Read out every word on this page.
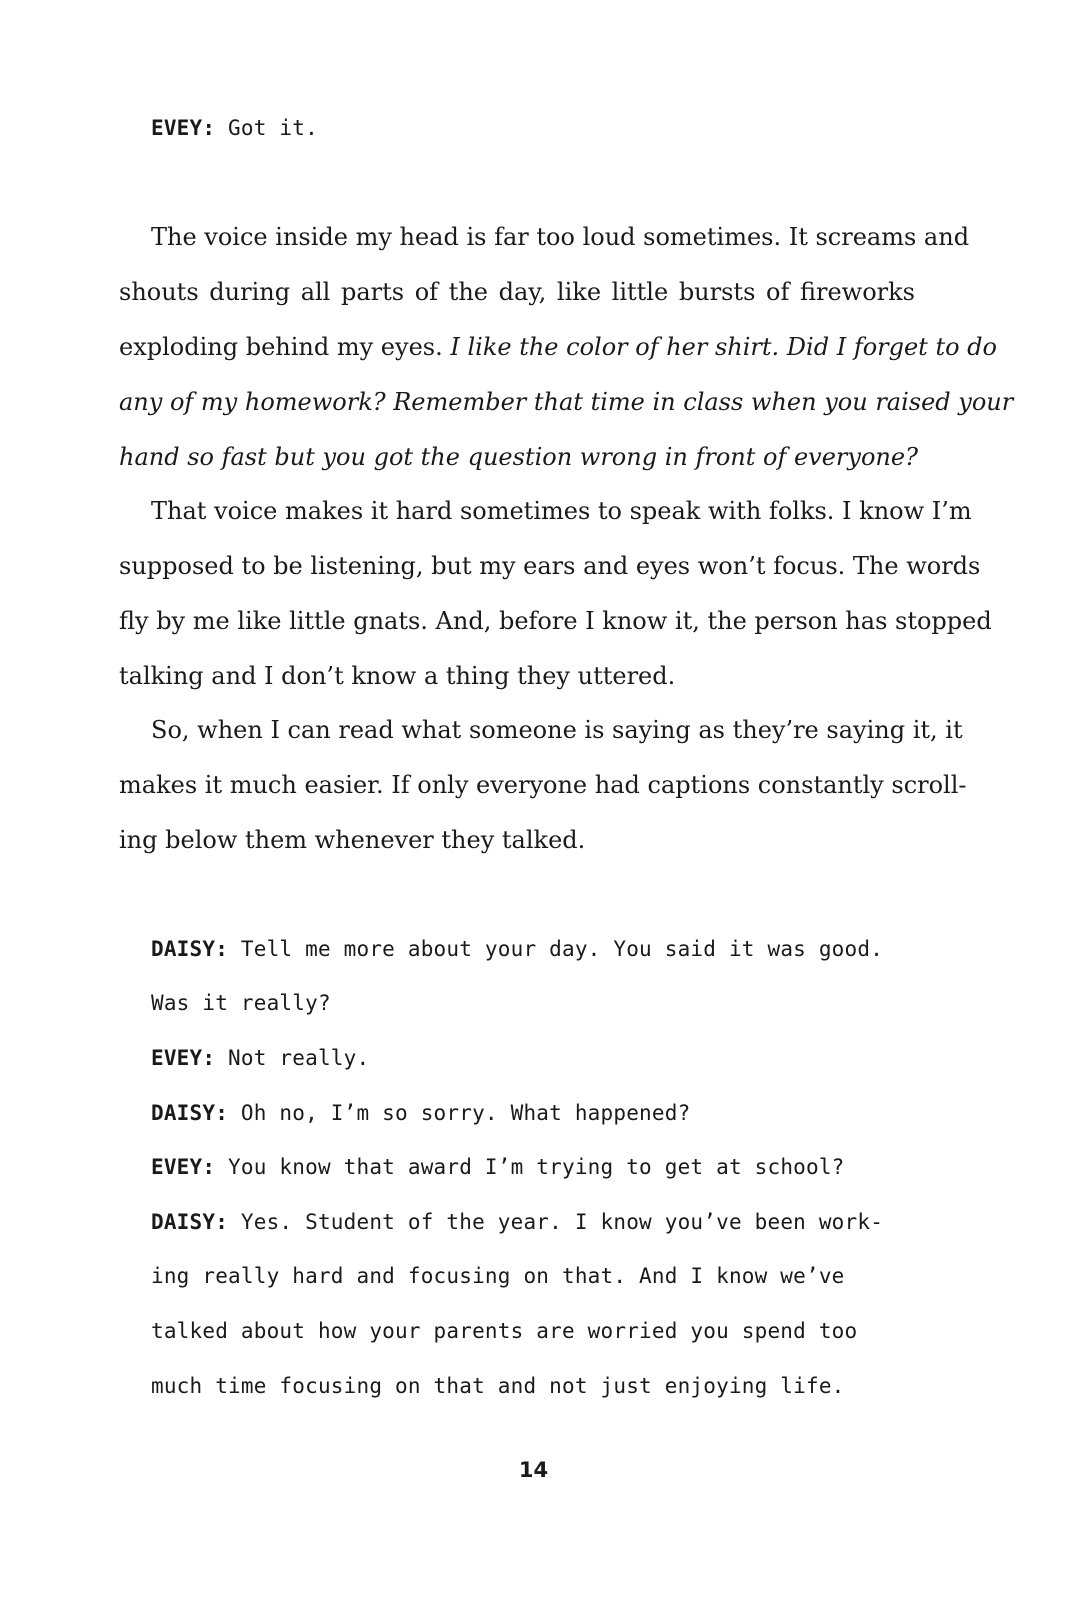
EVEY: Got it.

The voice inside my head is far too loud sometimes. It screams and

shouts during all parts of the day, like little bursts of fireworks

exploding behind my eyes. I like the color of her shirt. Did I forget to do

any of my homework? Remember that time in class when you raised your

hand so fast but you got the question wrong in front of everyone?

That voice makes it hard sometimes to speak with folks. I know I’m

supposed to be listening, but my ears and eyes won’t focus. The words

fly by me like little gnats. And, before I know it, the person has stopped

talking and I don’t know a thing they uttered.

So, when I can read what someone is saying as they’re saying it, it

makes it much easier. If only everyone had captions constantly scroll-

ing below them whenever they talked.

DAISY: Tell me more about your day. You said it was good.

Was it really?

EVEY: Not really.

DAISY: Oh no, I’m so sorry. What happened?

EVEY: You know that award I’m trying to get at school?

DAISY: Yes. Student of the year. I know you’ve been work-

ing really hard and focusing on that. And I know we’ve

talked about how your parents are worried you spend too

much time focusing on that and not just enjoying life.

14
